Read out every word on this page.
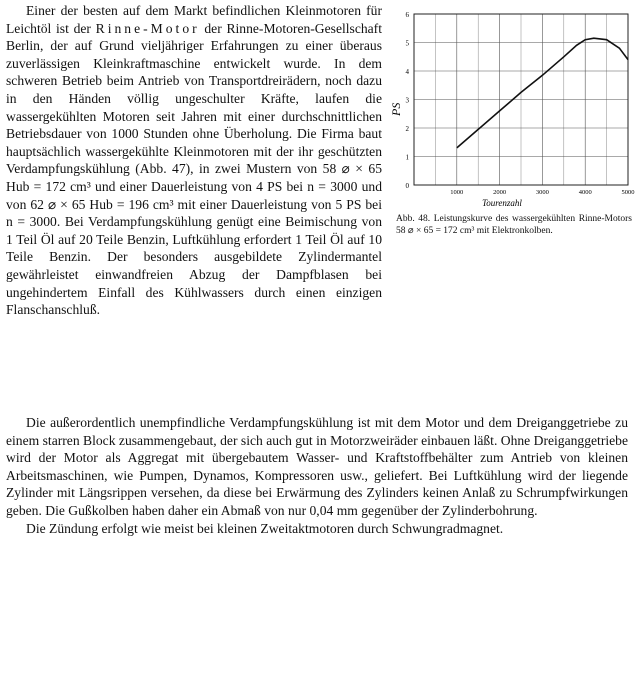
Einer der besten auf dem Markt befindlichen Kleinmotoren für Leichtöl ist der Rinne-Motor der Rinne-Motoren-Gesellschaft Berlin, der auf Grund vieljähriger Erfahrungen zu einer überaus zuverlässigen Kleinkraftmaschine entwickelt wurde. In dem schweren Betrieb beim Antrieb von Transportdreirädern, noch dazu in den Händen völlig ungeschulter Kräfte, laufen die wassergekühlten Motoren seit Jahren mit einer durchschnittlichen Betriebsdauer von 1000 Stunden ohne Überholung. Die Firma baut hauptsächlich wassergekühlte Kleinmotoren mit der ihr geschützten Verdampfungskühlung (Abb. 47), in zwei Mustern von 58 ⌀ × 65 Hub = 172 cm³ und einer Dauerleistung von 4 PS bei n = 3000 und von 62 ⌀ × 65 Hub = 196 cm³ mit einer Dauerleistung von 5 PS bei n = 3000. Bei Verdampfungskühlung genügt eine Beimischung von 1 Teil Öl auf 20 Teile Benzin, Luftkühlung erfordert 1 Teil Öl auf 10 Teile Benzin. Der besonders ausgebildete Zylindermantel gewährleistet einwandfreien Abzug der Dampfblasen bei ungehindertem Einfall des Kühlwassers durch einen einzigen Flanschanschluß.

0
1
2
3
4
5
6
1000	2000	3000	4000	5000
PS
Tourenzahl
Abb. 48. Leistungskurve des wassergekühlten Rinne-Motors 58 ⌀ × 65 = 172 cm³ mit Elektronkolben.

Die außerordentlich unempfindliche Verdampfungskühlung ist mit dem Motor und dem Dreiganggetriebe zu einem starren Block zusammengebaut, der sich auch gut in Motorzweiräder einbauen läßt. Ohne Dreiganggetriebe wird der Motor als Aggregat mit übergebautem Wasser- und Kraftstoffbehälter zum Antrieb von kleinen Arbeitsmaschinen, wie Pumpen, Dynamos, Kompressoren usw., geliefert. Bei Luftkühlung wird der liegende Zylinder mit Längsrippen versehen, da diese bei Erwärmung des Zylinders keinen Anlaß zu Schrumpfwirkungen geben. Die Gußkolben haben daher ein Abmaß von nur 0,04 mm gegenüber der Zylinderbohrung.

Die Zündung erfolgt wie meist bei kleinen Zweitaktmotoren durch Schwungradmagnet.
